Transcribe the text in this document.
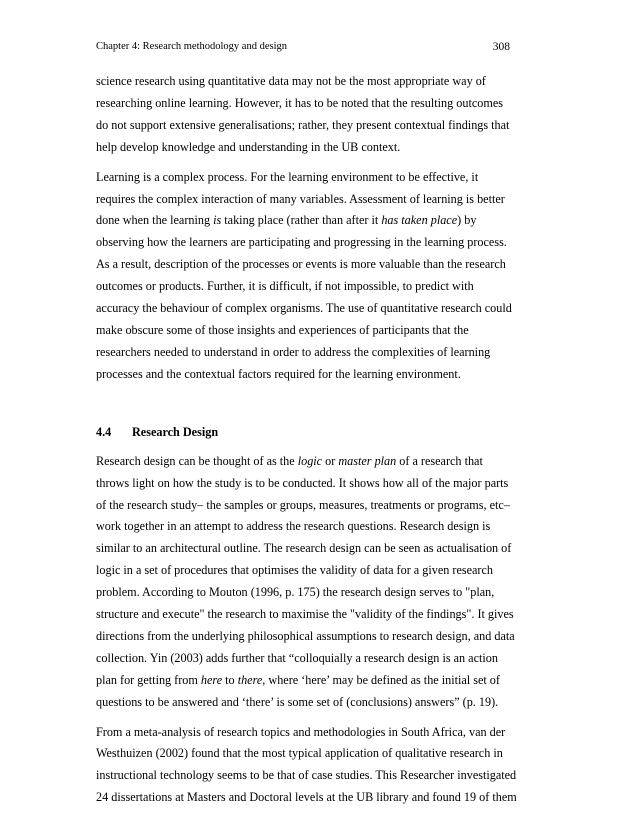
Chapter 4: Research methodology and design	308

science research using quantitative data may not be the most appropriate way of
researching online learning. However, it has to be noted that the resulting outcomes
do not support extensive generalisations; rather, they present contextual findings that
help develop knowledge and understanding in the UB context.

Learning is a complex process. For the learning environment to be effective, it
requires the complex interaction of many variables. Assessment of learning is better
done when the learning is taking place (rather than after it has taken place) by
observing how the learners are participating and progressing in the learning process.
As a result, description of the processes or events is more valuable than the research
outcomes or products. Further, it is difficult, if not impossible, to predict with
accuracy the behaviour of complex organisms. The use of quantitative research could
make obscure some of those insights and experiences of participants that the
researchers needed to understand in order to address the complexities of learning
processes and the contextual factors required for the learning environment.

4.4 Research Design

Research design can be thought of as the logic or master plan of a research that
throws light on how the study is to be conducted. It shows how all of the major parts
of the research study– the samples or groups, measures, treatments or programs, etc–
work together in an attempt to address the research questions. Research design is
similar to an architectural outline. The research design can be seen as actualisation of
logic in a set of procedures that optimises the validity of data for a given research
problem. According to Mouton (1996, p. 175) the research design serves to "plan,
structure and execute" the research to maximise the "validity of the findings". It gives
directions from the underlying philosophical assumptions to research design, and data
collection. Yin (2003) adds further that “colloquially a research design is an action
plan for getting from here to there, where ‘here’ may be defined as the initial set of
questions to be answered and ‘there’ is some set of (conclusions) answers” (p. 19).

From a meta-analysis of research topics and methodologies in South Africa, van der
Westhuizen (2002) found that the most typical application of qualitative research in
instructional technology seems to be that of case studies. This Researcher investigated
24 dissertations at Masters and Doctoral levels at the UB library and found 19 of them
